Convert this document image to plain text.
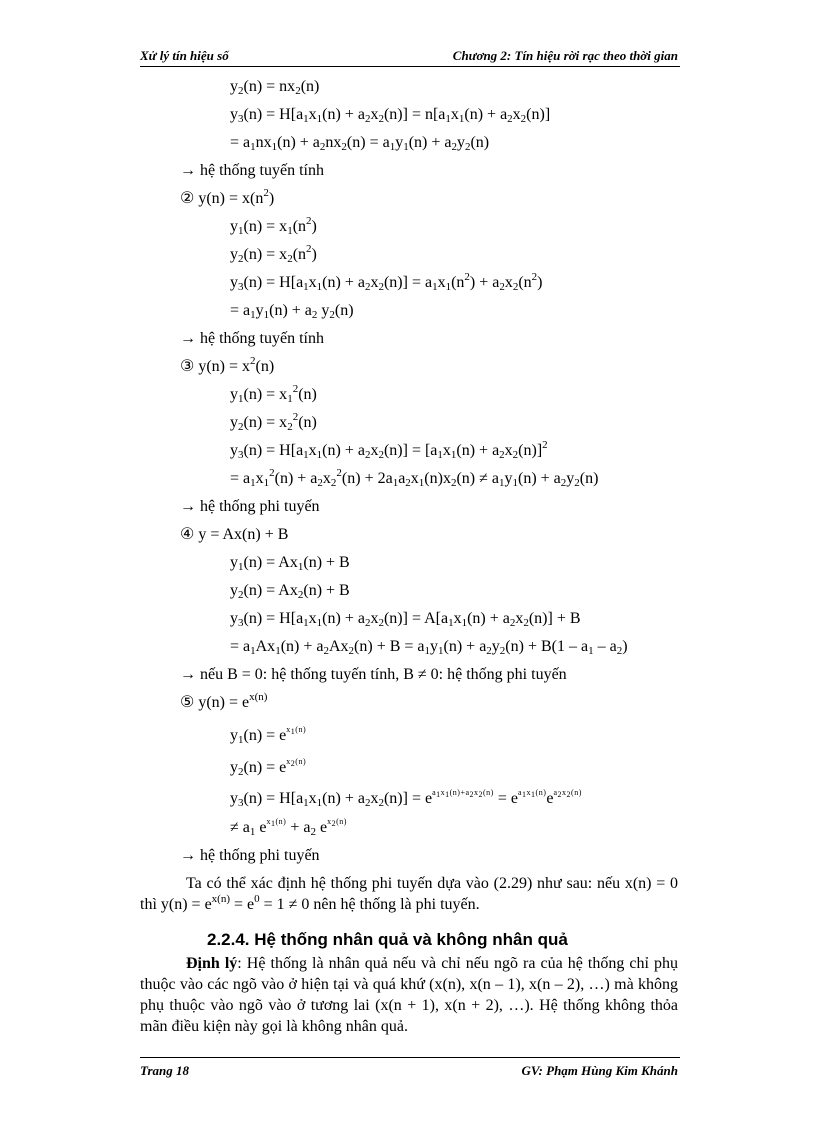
Xử lý tín hiệu số	Chương 2: Tín hiệu rời rạc theo thời gian
$y_2(n) = nx_2(n)$
$y_3(n) = H[a_1x_1(n) + a_2x_2(n)] = n[a_1x_1(n) + a_2x_2(n)]$
= $a_1nx_1(n) + a_2nx_2(n) = a_1y_1(n) + a_2y_2(n)$
→ hệ thống tuyến tính
② $y(n) = x(n^2)$
$y_1(n) = x_1(n^2)$
$y_2(n) = x_2(n^2)$
$y_3(n) = H[a_1x_1(n) + a_2x_2(n)] = a_1x_1(n^2) + a_2x_2(n^2)$
= $a_1y_1(n) + a_2$ $y_2(n)$
→ hệ thống tuyến tính
③ $y(n) = x^2(n)$
$y_1(n) = x_1^2(n)$
$y_2(n) = x_2^2(n)$
$y_3(n) = H[a_1x_1(n) + a_2x_2(n)] = [a_1x_1(n) + a_2x_2(n)]^2$
= $a_1x_1^2(n) + a_2x_2^2(n) + 2a_1a_2x_1(n)x_2(n) \ne a_1y_1(n) + a_2y_2(n)$
→ hệ thống phi tuyến
④ y = Ax(n) + B
$y_1(n) = Ax_1(n) + B$
$y_2(n) = Ax_2(n) + B$
$y_3(n) = H[a_1x_1(n) + a_2x_2(n)] = A[a_1x_1(n) + a_2x_2(n)] + B$
= $a_1Ax_1(n) + a_2Ax_2(n) + B = a_1y_1(n) + a_2y_2(n) + B(1 - a_1 - a_2)$
→ nếu B = 0: hệ thống tuyến tính, B ≠ 0: hệ thống phi tuyến
⑤ $y(n) = e^{x(n)}$
$y_1(n) = e^{x_1(n)}$
$y_2(n) = e^{x_2(n)}$
$y_3(n) = H[a_1x_1(n) + a_2x_2(n)] = e^{a_1x_1(n)+a_2x_2(n)} = e^{a_1x_1(n)}e^{a_2x_2(n)}$
≠ $a_1$ $e^{x_1(n)} + a_2$ $e^{x_2(n)}$
→ hệ thống phi tuyến
Ta có thể xác định hệ thống phi tuyến dựa vào (2.29) như sau: nếu x(n) = 0 thì $y(n) = e^{x(n)} = e^0 = 1 \ne 0$ nên hệ thống là phi tuyến.
2.2.4. Hệ thống nhân quả và không nhân quả
Định lý: Hệ thống là nhân quả nếu và chỉ nếu ngõ ra của hệ thống chỉ phụ thuộc vào các ngõ vào ở hiện tại và quá khứ (x(n), x(n – 1), x(n – 2), …) mà không phụ thuộc vào ngõ vào ở tương lai (x(n + 1), x(n + 2), …). Hệ thống không thỏa mãn điều kiện này gọi là không nhân quả.
Trang 18	GV: Phạm Hùng Kim Khánh
